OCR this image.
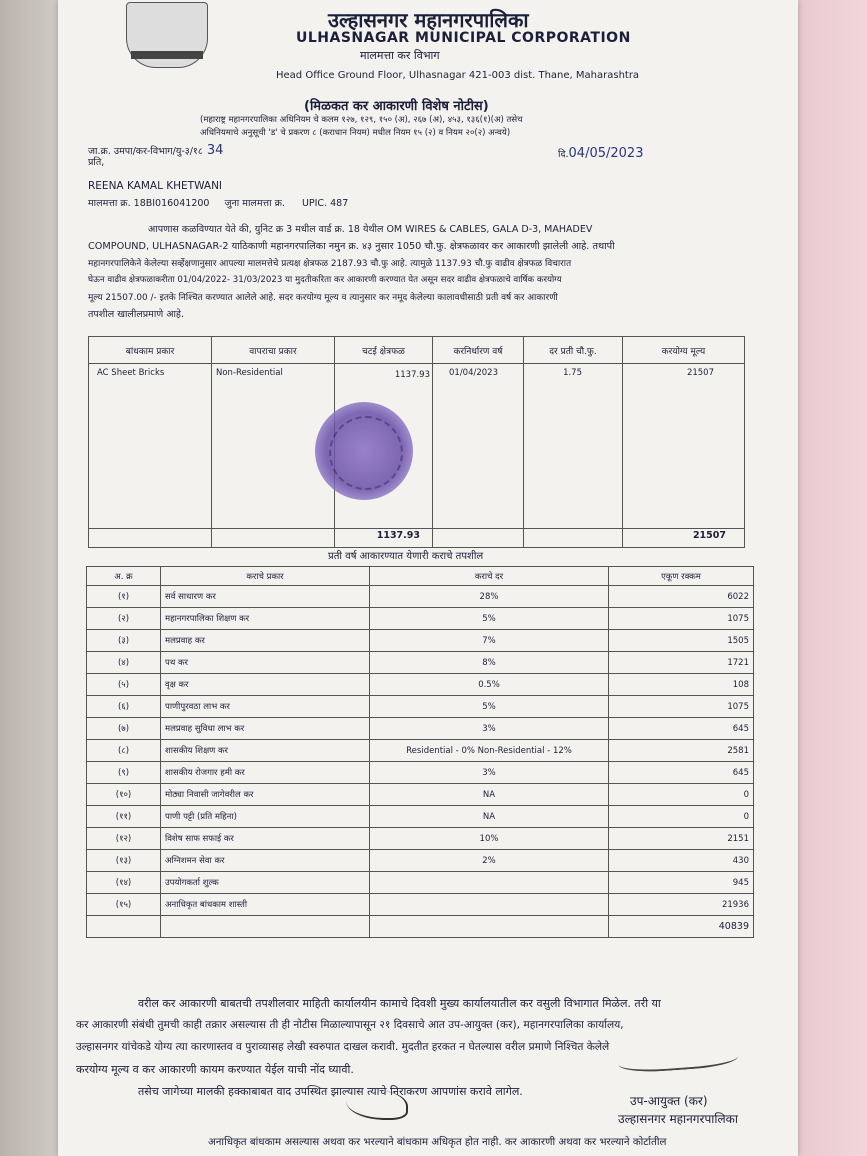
उल्हासनगर महानगरपालिका
ULHASNAGAR MUNICIPAL CORPORATION
मालमत्ता कर विभाग
Head Office Ground Floor, Ulhasnagar 421-003 dist. Thane, Maharashtra
(मिळकत कर आकारणी विशेष नोटीस)
(महाराष्ट्र महानगरपालिका अधिनियम चे कलम १२७, १२९, १५० (अ), २६७ (अ), ४५३, १३६(१)(अ) तसेच
अधिनियमाचे अनुसूची 'ड' चे प्रकरण ८ (कराधान नियम) मधील नियम १५ (२) व नियम २०(२) अन्वये)
जा.क्र. उमपा/कर-विभाग/यु-३/१८ 34	दि.04/05/2023
प्रति,
REENA KAMAL KHETWANI
मालमत्ता क्र. 18BI016041200 जुना मालमत्ता क्र. UPIC. 487
आपणास कळविण्यात येते की, युनिट क्र 3 मधील वार्ड क्र. 18 येथील OM WIRES & CABLES, GALA D-3, MAHADEV
COMPOUND, ULHASNAGAR-2 याठिकाणी महानगरपालिका नमुन क्र. ४३ नुसार 1050 चौ.फु. क्षेत्रफळावर कर आकारणी झालेली आहे. तथापी
महानगरपालिकेने केलेल्या सर्व्हेक्षणानुसार आपल्या मालमत्तेचे प्रत्यक्ष क्षेत्रफळ 2187.93 चौ.फु आहे. त्यामुळे 1137.93 चौ.फु वाढीव क्षेत्रफळ विचारात
घेऊन वाढीव क्षेत्रफळाकरीता 01/04/2022- 31/03/2023 या मुदतीकरिता कर आकारणी करण्यात येत असून सदर वाढीव क्षेत्रफळाचे वार्षिक करयोग्य
मूल्य 21507.00 /- इतके निश्चित करण्यात आलेले आहे. सदर करयोग्य मूल्य व त्यानुसार कर नमूद केलेल्या कालावधीसाठी प्रती वर्ष कर आकारणी
तपशील खालीलप्रमाणे आहे.
बांधकाम प्रकार	वापराचा प्रकार	चटई क्षेत्रफळ	करनिर्धारण वर्ष	दर प्रती चौ.फु.	करयोग्य मूल्य
AC Sheet Bricks	Non-Residential	1137.93	01/04/2023	1.75	21507
		1137.93			21507
प्रती वर्ष आकारण्यात येणारी कराचे तपशील
अ. क्र	कराचे प्रकार	कराचे दर	एकूण रक्कम
(१)	सर्व साधारण कर	28%	6022
(२)	महानगरपालिका शिक्षण कर	5%	1075
(३)	मलप्रवाह कर	7%	1505
(४)	पथ कर	8%	1721
(५)	वृक्ष कर	0.5%	108
(६)	पाणीपुरवठा लाभ कर	5%	1075
(७)	मलप्रवाह सुविधा लाभ कर	3%	645
(८)	शासकीय शिक्षण कर	Residential - 0% Non-Residential - 12%	2581
(९)	शासकीय रोजगार हमी कर	3%	645
(१०)	मोठ्या निवासी जागेवरील कर	NA	0
(११)	पाणी पट्टी (प्रति महिना)	NA	0
(१२)	विशेष साफ सफाई कर	10%	2151
(१३)	अग्निशमन सेवा कर	2%	430
(१४)	उपयोगकर्ता शुल्क		945
(१५)	अनाधिकृत बांधकाम शास्ती		21936
			40839
वरील कर आकारणी बाबतची तपशीलवार माहिती कार्यालयीन कामाचे दिवशी मुख्य कार्यालयातील कर वसुली विभागात मिळेल. तरी या
कर आकारणी संबंधी तुमची काही तक्रार असल्यास ती ही नोटीस मिळाल्यापासून २१ दिवसाचे आत उप-आयुक्त (कर), महानगरपालिका कार्यालय,
उल्हासनगर यांचेकडे योग्य त्या कारणास्तव व पुराव्यासह लेखी स्वरुपात दाखल करावी. मुदतीत हरकत न घेतल्यास वरील प्रमाणे निश्चित केलेले
करयोग्य मूल्य व कर आकारणी कायम करण्यात येईल याची नोंद घ्यावी.
तसेच जागेच्या मालकी हक्काबाबत वाद उपस्थित झाल्यास त्याचे निराकरण आपणांस करावे लागेल.
उप-आयुक्त (कर)
उल्हासनगर महानगरपालिका
अनाधिकृत बांधकाम असल्यास अथवा कर भरल्याने बांधकाम अधिकृत होत नाही. कर आकारणी अथवा कर भरल्याने कोर्टातील
